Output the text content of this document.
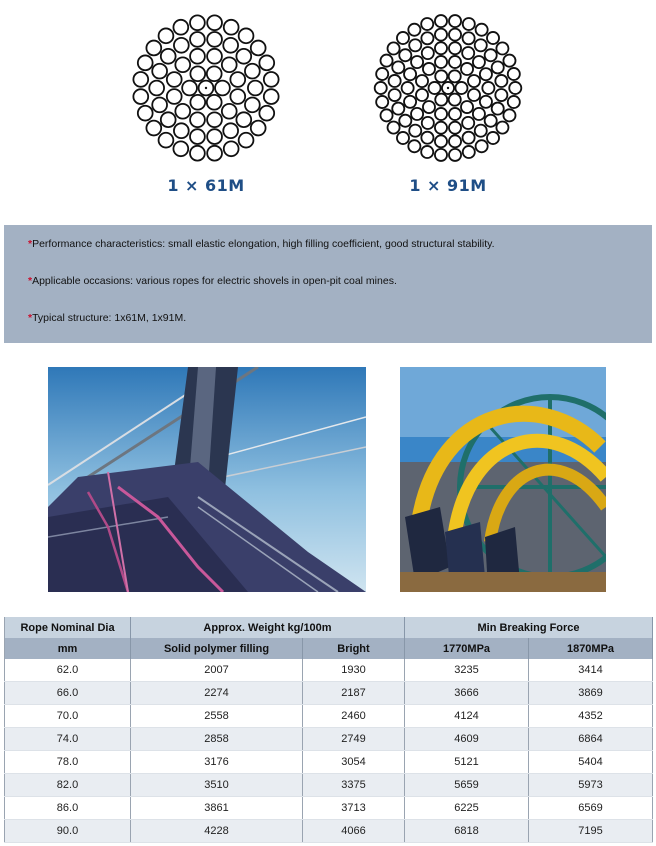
1 × 61M	1 × 91M

*Performance characteristics: small elastic elongation, high filling coefficient, good structural stability.

*Applicable occasions: various ropes for electric shovels in open-pit coal mines.

*Typical structure: 1x61M, 1x91M.

Rope Nominal Dia	Approx. Weight kg/100m		Min Breaking Force	
mm	Solid polymer filling	Bright	1770MPa	1870MPa
62.0	2007	1930	3235	3414
66.0	2274	2187	3666	3869
70.0	2558	2460	4124	4352
74.0	2858	2749	4609	6864
78.0	3176	3054	5121	5404
82.0	3510	3375	5659	5973
86.0	3861	3713	6225	6569
90.0	4228	4066	6818	7195
